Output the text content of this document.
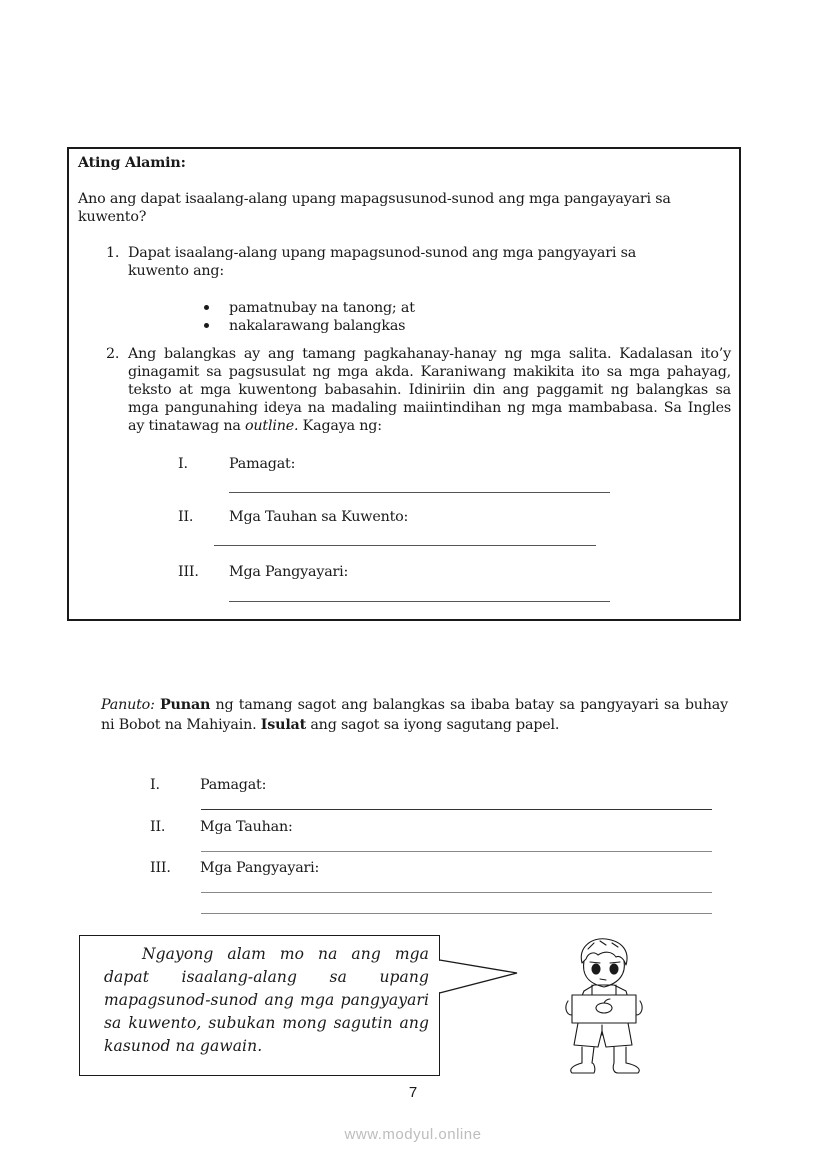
Ating Alamin:
Ano ang dapat isaalang-alang upang mapagsusunod-sunod ang mga pangayayari sa kuwento?
1. Dapat isaalang-alang upang mapagsunod-sunod ang mga pangyayari sa
kuwento ang:
pamatnubay na tanong; at
nakalarawang balangkas
2. Ang balangkas ay ang tamang pagkahanay-hanay ng mga salita. Kadalasan ito’y ginagamit sa pagsusulat ng mga akda. Karaniwang makikita ito sa mga pahayag, teksto at mga kuwentong babasahin. Idiniriin din ang paggamit ng balangkas sa mga pangunahing ideya na madaling maiintindihan ng mga mambabasa. Sa Ingles ay tinatawag na outline. Kagaya ng:
I.	Pamagat:
II.	Mga Tauhan sa Kuwento:
III. Mga Pangyayari:
Panuto: Punan ng tamang sagot ang balangkas sa ibaba batay sa pangyayari sa buhay ni Bobot na Mahiyain. Isulat ang sagot sa iyong sagutang papel.
I.	Pamagat:
II. Mga Tauhan:
III. Mga Pangyayari:
Ngayong alam mo na ang mga dapat isaalang-alang sa upang mapagsunod-sunod ang mga pangyayari sa kuwento, subukan mong sagutin ang kasunod na gawain.
7
www.modyul.online
